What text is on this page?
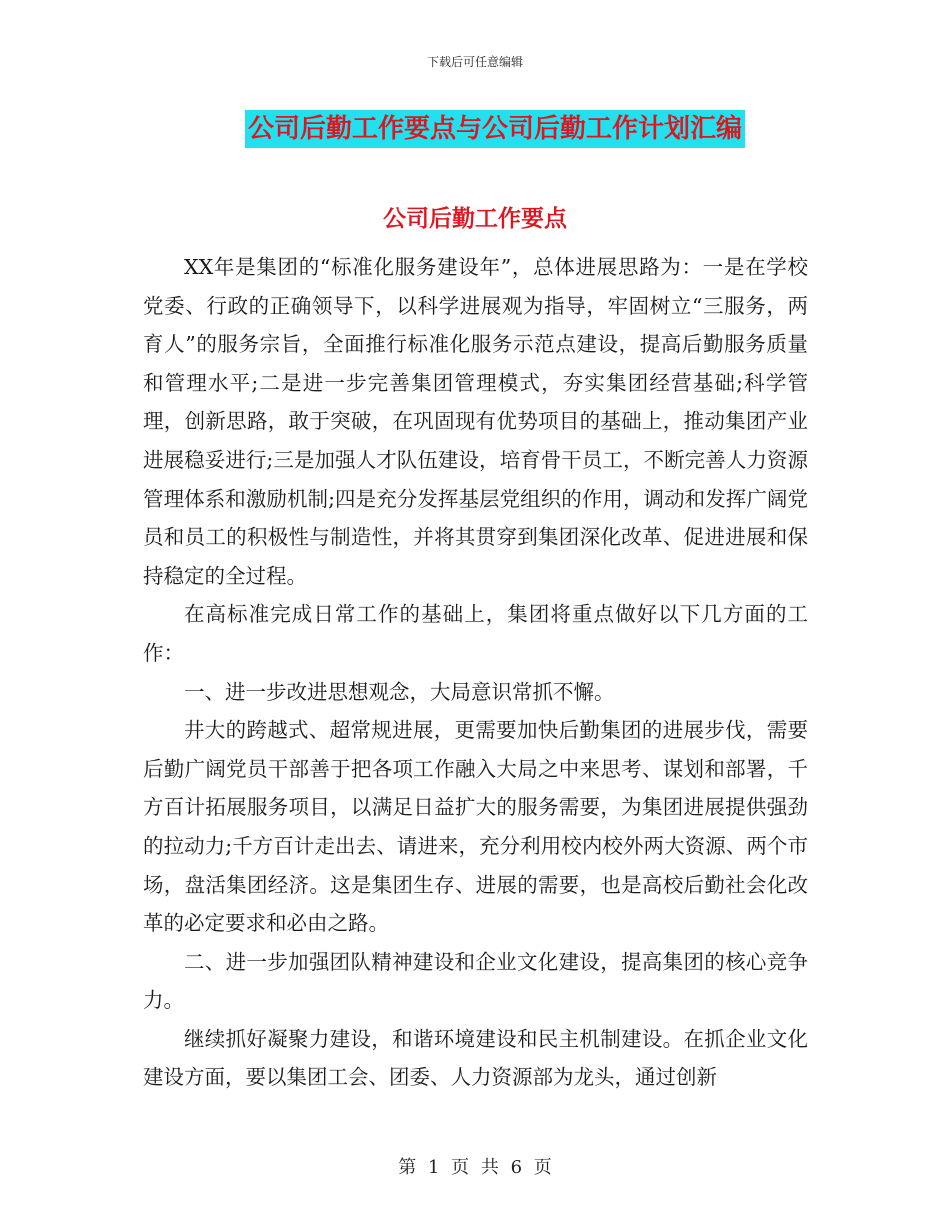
下载后可任意编辑
公司后勤工作要点与公司后勤工作计划汇编
公司后勤工作要点

XX年是集团的“标准化服务建设年”，总体进展思路为：一是在学校党委、行政的正确领导下，以科学进展观为指导，牢固树立“三服务，两育人”的服务宗旨，全面推行标准化服务示范点建设，提高后勤服务质量和管理水平;二是进一步完善集团管理模式，夯实集团经营基础;科学管理，创新思路，敢于突破，在巩固现有优势项目的基础上，推动集团产业进展稳妥进行;三是加强人才队伍建设，培育骨干员工，不断完善人力资源管理体系和激励机制;四是充分发挥基层党组织的作用，调动和发挥广阔党员和员工的积极性与制造性，并将其贯穿到集团深化改革、促进进展和保持稳定的全过程。

在高标准完成日常工作的基础上，集团将重点做好以下几方面的工作：

一、进一步改进思想观念，大局意识常抓不懈。

井大的跨越式、超常规进展，更需要加快后勤集团的进展步伐，需要后勤广阔党员干部善于把各项工作融入大局之中来思考、谋划和部署，千方百计拓展服务项目，以满足日益扩大的服务需要，为集团进展提供强劲的拉动力;千方百计走出去、请进来，充分利用校内校外两大资源、两个市场，盘活集团经济。这是集团生存、进展的需要，也是高校后勤社会化改革的必定要求和必由之路。

二、进一步加强团队精神建设和企业文化建设，提高集团的核心竞争力。

继续抓好凝聚力建设，和谐环境建设和民主机制建设。在抓企业文化建设方面，要以集团工会、团委、人力资源部为龙头，通过创新

第 1 页 共 6 页
